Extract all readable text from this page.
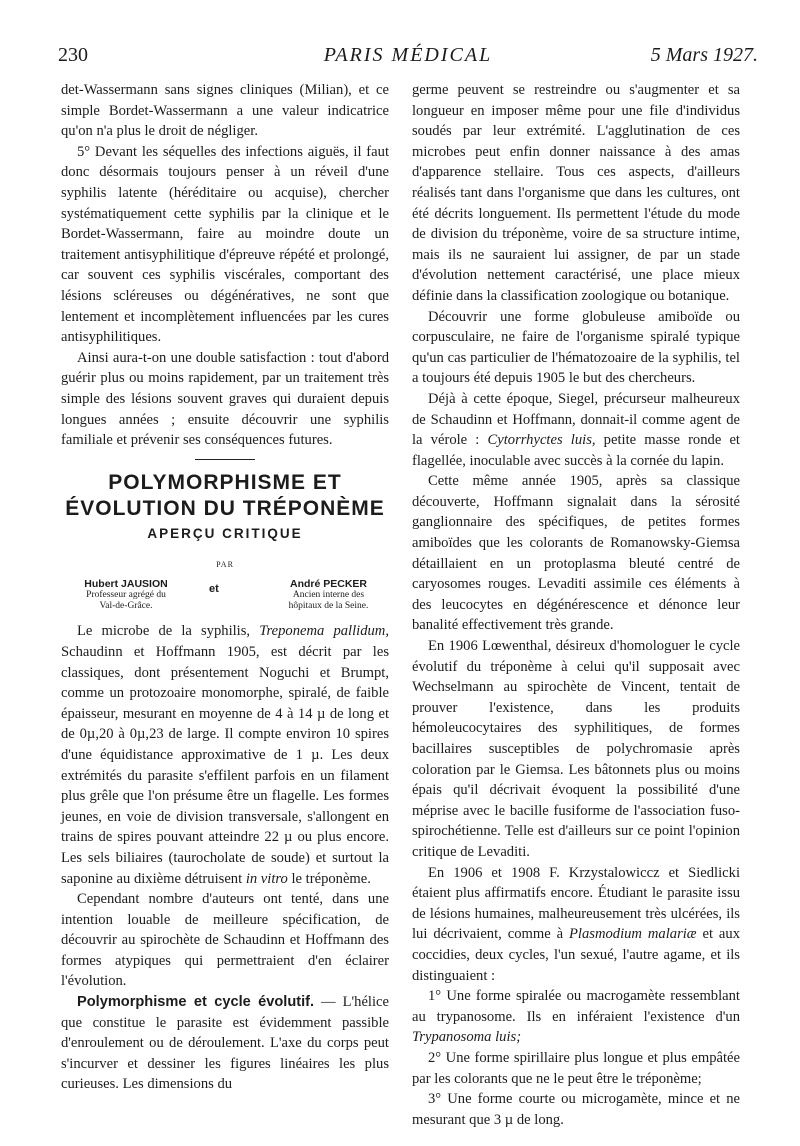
230	PARIS MÉDICAL	5 Mars 1927.

det-Wassermann sans signes cliniques (Milian), et ce simple Bordet-Wassermann a une valeur indicatrice qu'on n'a plus le droit de négliger.

5° Devant les séquelles des infections aiguës, il faut donc désormais toujours penser à un réveil d'une syphilis latente (héréditaire ou acquise), chercher systématiquement cette syphilis par la clinique et le Bordet-Wassermann, faire au moindre doute un traitement antisyphilitique d'épreuve répété et prolongé, car souvent ces syphilis viscérales, comportant des lésions scléreuses ou dégénératives, ne sont que lentement et incomplètement influencées par les cures antisyphilitiques.

Ainsi aura-t-on une double satisfaction : tout d'abord guérir plus ou moins rapidement, par un traitement très simple des lésions souvent graves qui duraient depuis longues années ; ensuite découvrir une syphilis familiale et prévenir ses conséquences futures.

POLYMORPHISME ET
ÉVOLUTION DU TRÉPONÈME
APERÇU CRITIQUE
PAR
Hubert JAUSION
Professeur agrégé du
Val-de-Grâce.
et	André PECKER
Ancien interne des
hôpitaux de la Seine.

Le microbe de la syphilis, Treponema pallidum, Schaudinn et Hoffmann 1905, est décrit par les classiques, dont présentement Noguchi et Brumpt, comme un protozoaire monomorphe, spiralé, de faible épaisseur, mesurant en moyenne de 4 à 14 µ de long et de 0µ,20 à 0µ,23 de large. Il compte environ 10 spires d'une équidistance approximative de 1 µ. Les deux extrémités du parasite s'effilent parfois en un filament plus grêle que l'on présume être un flagelle. Les formes jeunes, en voie de division transversale, s'allongent en trains de spires pouvant atteindre 22 µ ou plus encore. Les sels biliaires (taurocholate de soude) et surtout la saponine au dixième détruisent in vitro le tréponème.

Cependant nombre d'auteurs ont tenté, dans une intention louable de meilleure spécification, de découvrir au spirochète de Schaudinn et Hoffmann des formes atypiques qui permettraient d'en éclairer l'évolution.

Polymorphisme et cycle évolutif. — L'hélice que constitue le parasite est évidemment passible d'enroulement ou de déroulement. L'axe du corps peut s'incurver et dessiner les figures linéaires les plus curieuses. Les dimensions du

germe peuvent se restreindre ou s'augmenter et sa longueur en imposer même pour une file d'individus soudés par leur extrémité. L'agglutination de ces microbes peut enfin donner naissance à des amas d'apparence stellaire. Tous ces aspects, d'ailleurs réalisés tant dans l'organisme que dans les cultures, ont été décrits longuement. Ils permettent l'étude du mode de division du tréponème, voire de sa structure intime, mais ils ne sauraient lui assigner, de par un stade d'évolution nettement caractérisé, une place mieux définie dans la classification zoologique ou botanique.

Découvrir une forme globuleuse amiboïde ou corpusculaire, ne faire de l'organisme spiralé typique qu'un cas particulier de l'hématozoaire de la syphilis, tel a toujours été depuis 1905 le but des chercheurs.

Déjà à cette époque, Siegel, précurseur malheureux de Schaudinn et Hoffmann, donnait-il comme agent de la vérole : Cytorrhyctes luis, petite masse ronde et flagellée, inoculable avec succès à la cornée du lapin.

Cette même année 1905, après sa classique découverte, Hoffmann signalait dans la sérosité ganglionnaire des spécifiques, de petites formes amiboïdes que les colorants de Romanowsky-Giemsa détaillaient en un protoplasma bleuté centré de caryosomes rouges. Levaditi assimile ces éléments à des leucocytes en dégénérescence et dénonce leur banalité effectivement très grande.

En 1906 Lœwenthal, désireux d'homologuer le cycle évolutif du tréponème à celui qu'il supposait avec Wechselmann au spirochète de Vincent, tentait de prouver l'existence, dans les produits hémoleucocytaires des syphilitiques, de formes bacillaires susceptibles de polychromasie après coloration par le Giemsa. Les bâtonnets plus ou moins épais qu'il décrivait évoquent la possibilité d'une méprise avec le bacille fusiforme de l'association fuso-spirochétienne. Telle est d'ailleurs sur ce point l'opinion critique de Levaditi.

En 1906 et 1908 F. Krzystalowiccz et Siedlicki étaient plus affirmatifs encore. Étudiant le parasite issu de lésions humaines, malheureusement très ulcérées, ils lui décrivaient, comme à Plasmodium malariæ et aux coccidies, deux cycles, l'un sexué, l'autre agame, et ils distinguaient :

1° Une forme spiralée ou macrogamète ressemblant au trypanosome. Ils en inféraient l'existence d'un Trypanosoma luis;

2° Une forme spirillaire plus longue et plus empâtée par les colorants que ne le peut être le tréponème;

3° Une forme courte ou microgamète, mince et ne mesurant que 3 µ de long.
